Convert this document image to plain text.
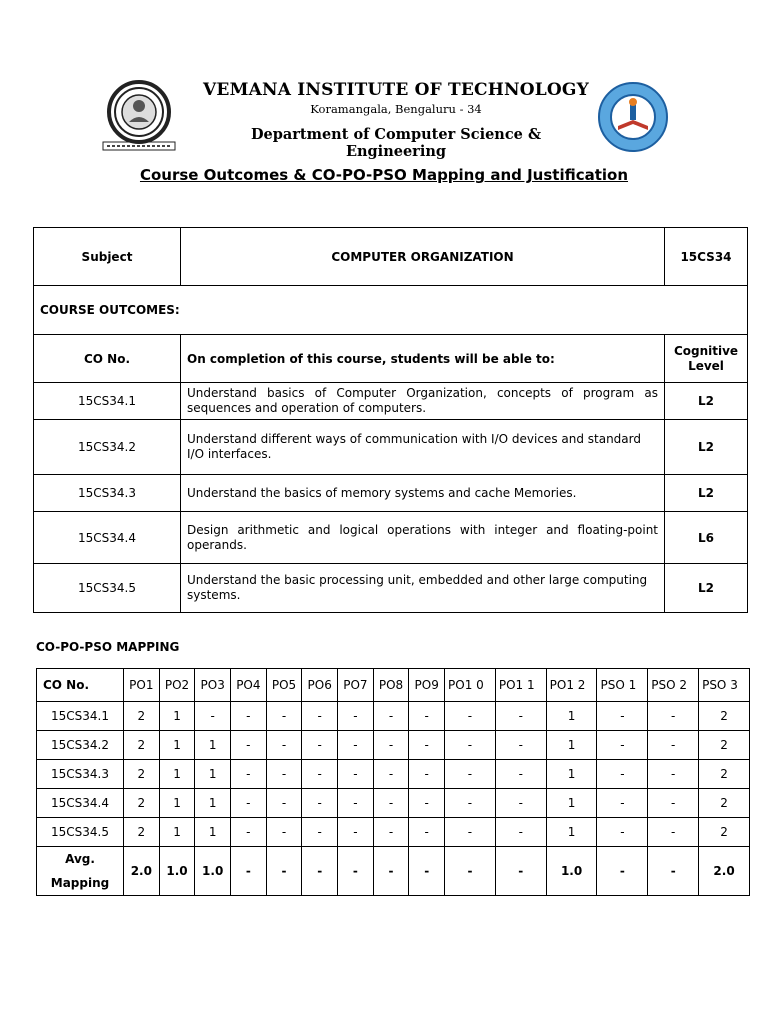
VEMANA INSTITUTE OF TECHNOLOGY
Koramangala, Bengaluru - 34
Department of Computer Science & Engineering
Course Outcomes & CO-PO-PSO Mapping and Justification
Subject	COMPUTER ORGANIZATION	15CS34
COURSE OUTCOMES:		
CO No.	On completion of this course, students will be able to:	Cognitive Level
15CS34.1	Understand basics of Computer Organization, concepts of program as sequences and operation of computers.	L2
15CS34.2	Understand different ways of communication with I/O devices and standard I/O interfaces.	L2
15CS34.3	Understand the basics of memory systems and cache Memories.	L2
15CS34.4	Design arithmetic and logical operations with integer and floating-point operands.	L6
15CS34.5	Understand the basic processing unit, embedded and other large computing systems.	L2
CO-PO-PSO MAPPING
CO No.	PO1	PO2	PO3	PO4	PO5	PO6	PO7	PO8	PO9	PO1 0	PO1 1	PO1 2	PSO 1	PSO 2	PSO 3
15CS34.1	2	1	-	-	-	-	-	-	-	-	-	1	-	-	2
15CS34.2	2	1	1	-	-	-	-	-	-	-	-	1	-	-	2
15CS34.3	2	1	1	-	-	-	-	-	-	-	-	1	-	-	2
15CS34.4	2	1	1	-	-	-	-	-	-	-	-	1	-	-	2
15CS34.5	2	1	1	-	-	-	-	-	-	-	-	1	-	-	2
Avg. Mapping	2.0	1.0	1.0	-	-	-	-	-	-	-	-	1.0	-	-	2.0
